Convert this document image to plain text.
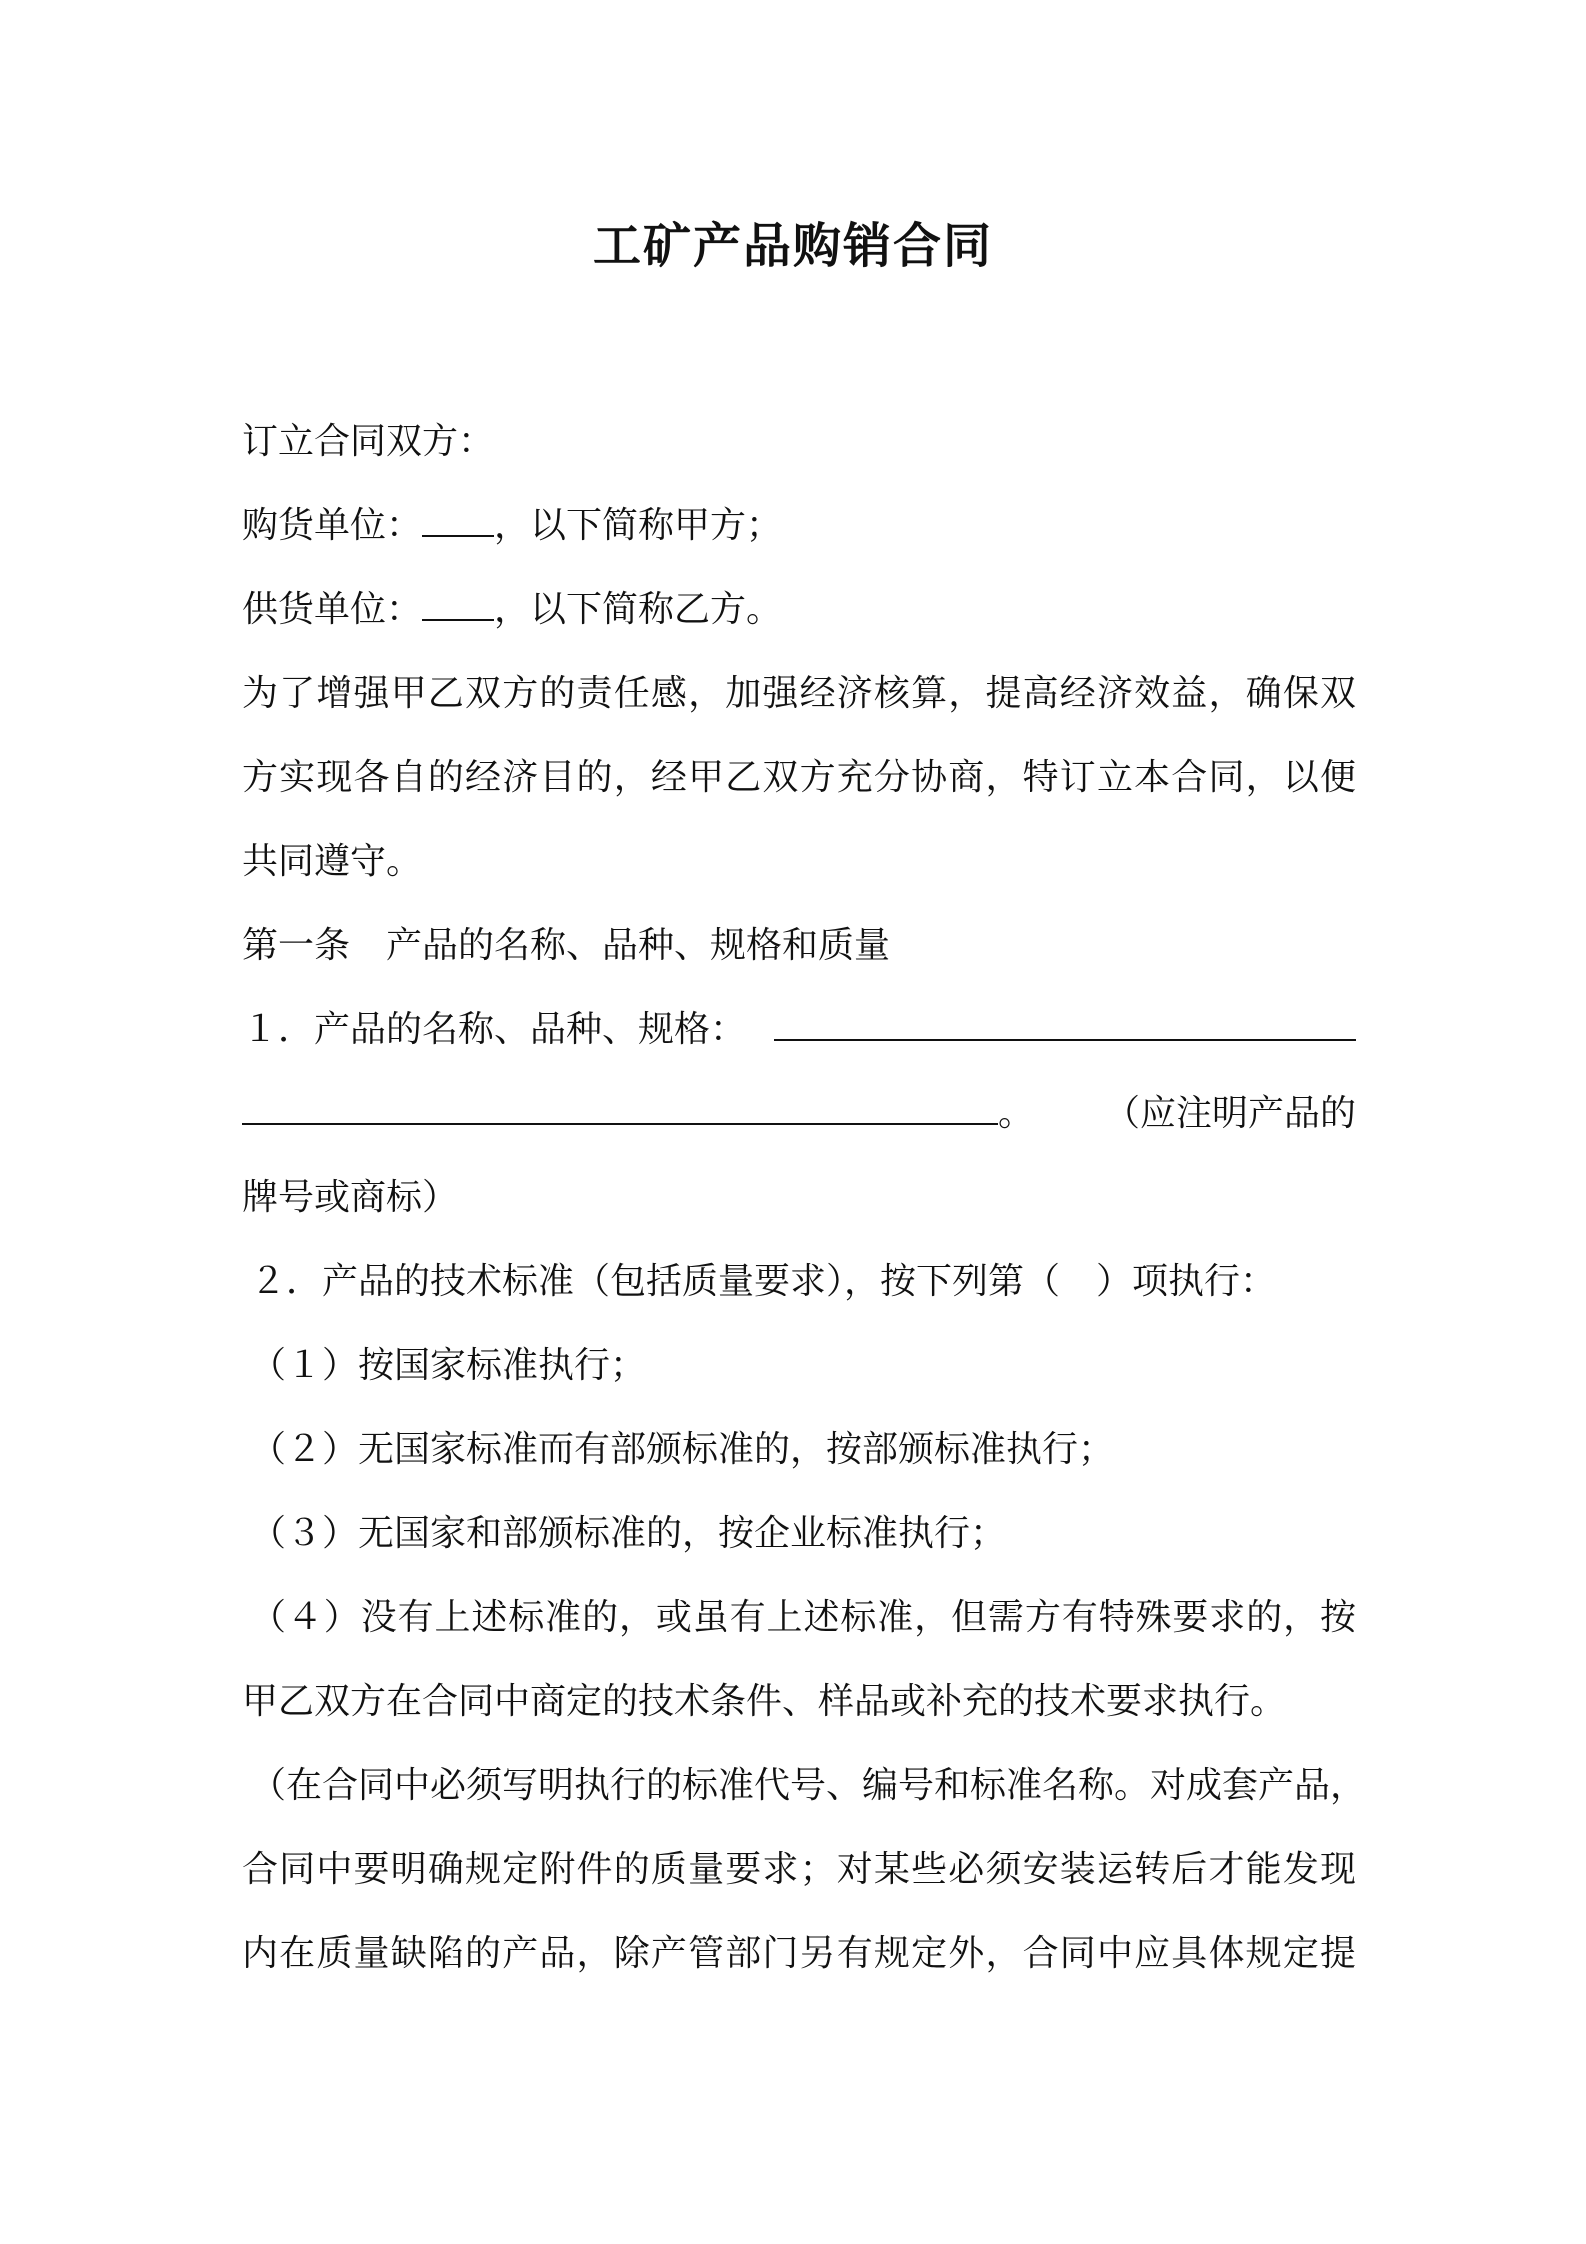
工矿产品购销合同
订立合同双方：
购货单位： ，以下简称甲方；
供货单位： ，以下简称乙方。
为了增强甲乙双方的责任感，加强经济核算，提高经济效益，确保双
方实现各自的经济目的，经甲乙双方充分协商，特订立本合同，以便
共同遵守。
第一条 产品的名称、品种、规格和质量
１．产品的名称、品种、规格：
。 （应注明产品的
牌号或商标）
２．产品的技术标准（包括质量要求），按下列第（　）项执行：
（１）按国家标准执行；
（２）无国家标准而有部颁标准的，按部颁标准执行；
（３）无国家和部颁标准的，按企业标准执行；
（４）没有上述标准的，或虽有上述标准，但需方有特殊要求的，按
甲乙双方在合同中商定的技术条件、样品或补充的技术要求执行。
（在合同中必须写明执行的标准代号、编号和标准名称。对成套产品，
合同中要明确规定附件的质量要求；对某些必须安装运转后才能发现
内在质量缺陷的产品，除产管部门另有规定外，合同中应具体规定提
